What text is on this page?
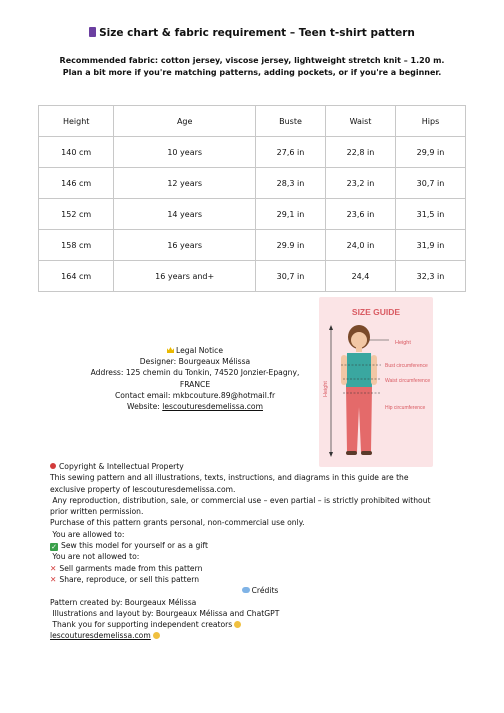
Size chart & fabric requirement – Teen t-shirt pattern
Recommended fabric: cotton jersey, viscose jersey, lightweight stretch knit – 1.20 m.
Plan a bit more if you're matching patterns, adding pockets, or if you're a beginner.
Height	Age	Buste	Waist	Hips
140 cm	10 years	27,6 in	22,8 in	29,9 in
146 cm	12 years	28,3 in	23,2 in	30,7 in
152 cm	14 years	29,1 in	23,6 in	31,5 in
158 cm	16 years	29.9 in	24,0 in	31,9 in
164 cm	16 years and+	30,7 in	24,4	32,3 in
Legal Notice
Designer: Bourgeaux Mélissa
Address: 125 chemin du Tonkin, 74520 Jonzier-Epagny,
FRANCE
Contact email: mkbcouture.89@hotmail.fr
Website: lescouturesdemelissa.com
SIZE GUIDE
Height
Height
Bust circumference
Waist circumference
Hip circumference
Copyright & Intellectual Property
This sewing pattern and all illustrations, texts, instructions, and diagrams in this guide are the
exclusive property of lescouturesdemelissa.com.
Any reproduction, distribution, sale, or commercial use – even partial – is strictly prohibited without
prior written permission.
Purchase of this pattern grants personal, non-commercial use only.
You are allowed to:
✓ Sew this model for yourself or as a gift
You are not allowed to:
✕ Sell garments made from this pattern
✕ Share, reproduce, or sell this pattern
Crédits
Pattern created by: Bourgeaux Mélissa
Illustrations and layout by: Bourgeaux Mélissa and ChatGPT
Thank you for supporting independent creators
lescouturesdemelissa.com
